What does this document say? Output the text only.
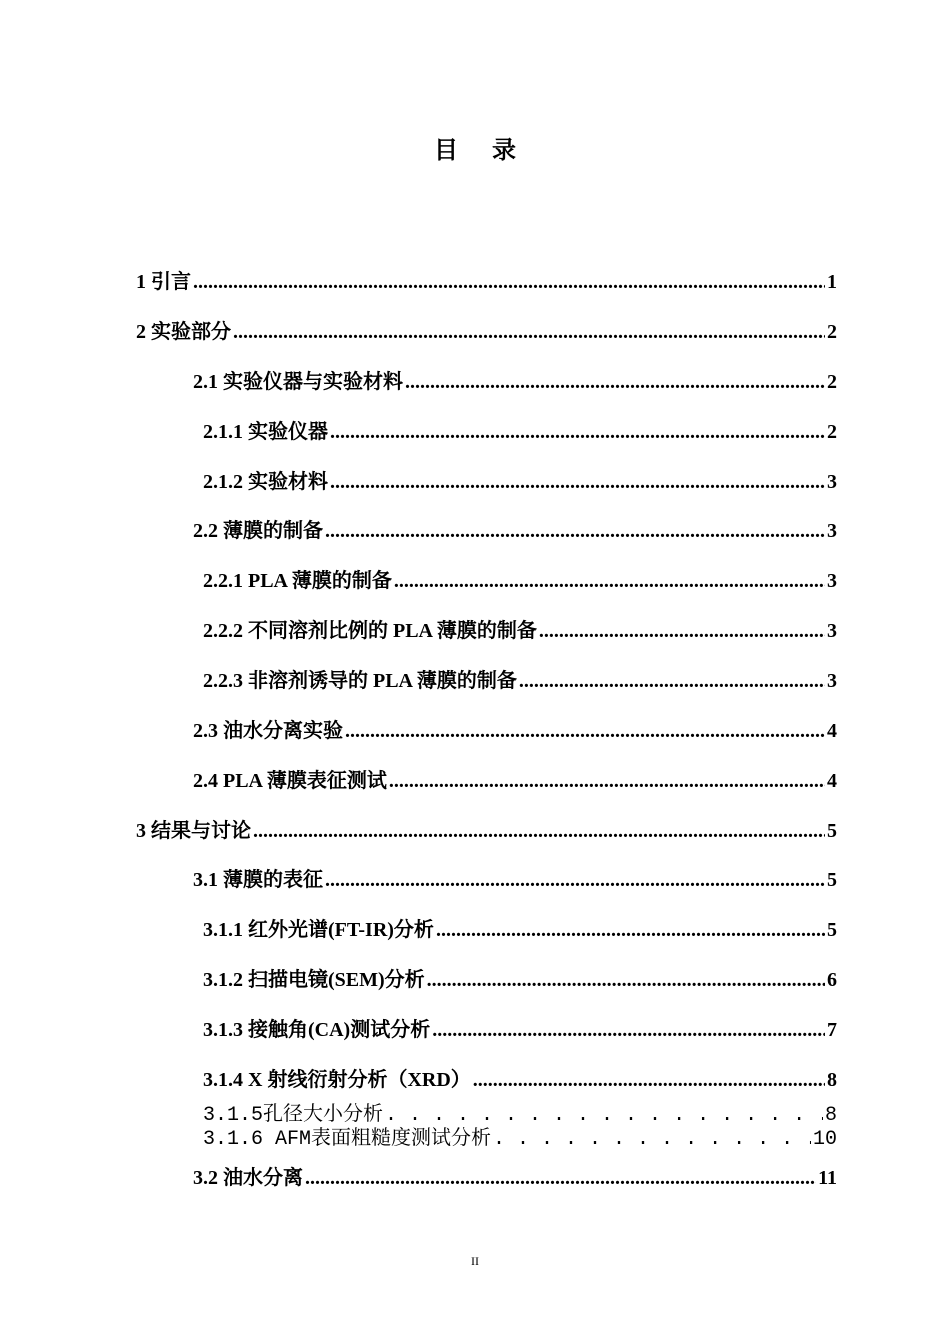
目 录
1 引言 .....	1
2 实验部分 .....	2
2.1 实验仪器与实验材料 .....	2
2.1.1 实验仪器 .....	2
2.1.2 实验材料 .....	3
2.2 薄膜的制备 .....	3
2.2.1 PLA 薄膜的制备 .....	3
2.2.2 不同溶剂比例的 PLA 薄膜的制备 .....	3
2.2.3 非溶剂诱导的 PLA 薄膜的制备 .....	3
2.3 油水分离实验 .....	4
2.4 PLA 薄膜表征测试 .....	4
3 结果与讨论 .....	5
3.1 薄膜的表征 .....	5
3.1.1 红外光谱(FT-IR)分析 .....	5
3.1.2 扫描电镜(SEM)分析 .....	6
3.1.3 接触角(CA)测试分析 .....	7
3.1.4 X 射线衍射分析（XRD） .....	8
3.1.5孔径大小分析 . . .	8
3.1.6 AFM表面粗糙度测试分析 . . .	10
3.2 油水分离 .....	11
II
